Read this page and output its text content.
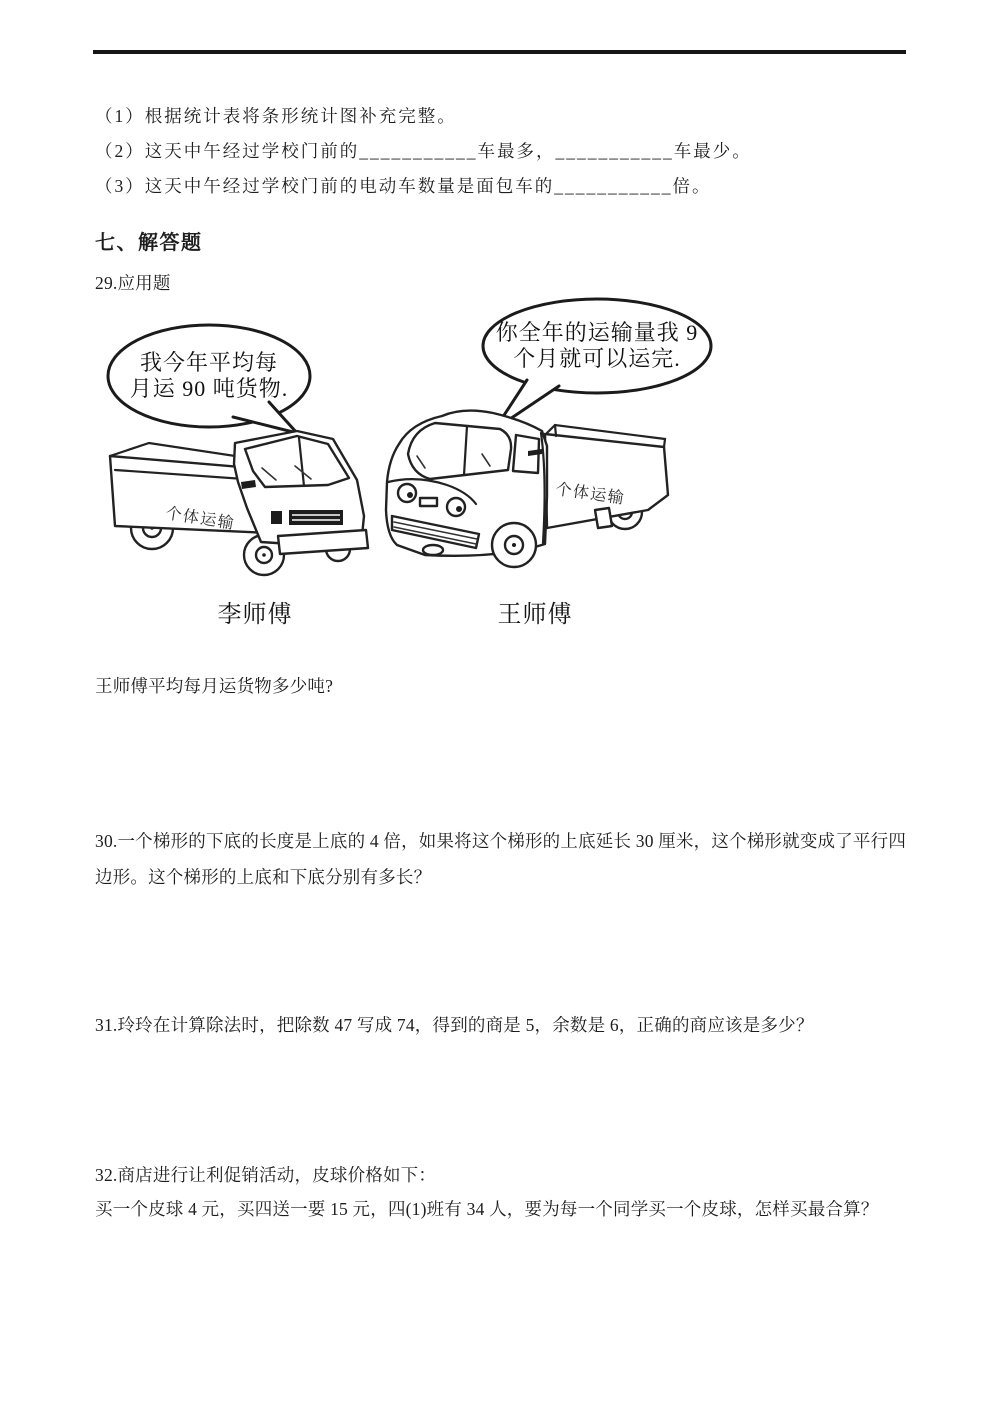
（1）根据统计表将条形统计图补充完整。
（2）这天中午经过学校门前的___________车最多，___________车最少。
（3）这天中午经过学校门前的电动车数量是面包车的___________倍。
七、解答题
29.应用题
我今年平均每
月运 90 吨货物.
你全年的运输量我 9
个月就可以运完.
个体运输
个体运输
李师傅	王师傅
王师傅平均每月运货物多少吨?
30.一个梯形的下底的长度是上底的 4 倍，如果将这个梯形的上底延长 30 厘米，这个梯形就变成了平行四
边形。这个梯形的上底和下底分别有多长？
31.玲玲在计算除法时，把除数 47 写成 74，得到的商是 5，余数是 6，正确的商应该是多少？
32.商店进行让利促销活动，皮球价格如下：
买一个皮球 4 元，买四送一要 15 元，四(1)班有 34 人，要为每一个同学买一个皮球，怎样买最合算？
